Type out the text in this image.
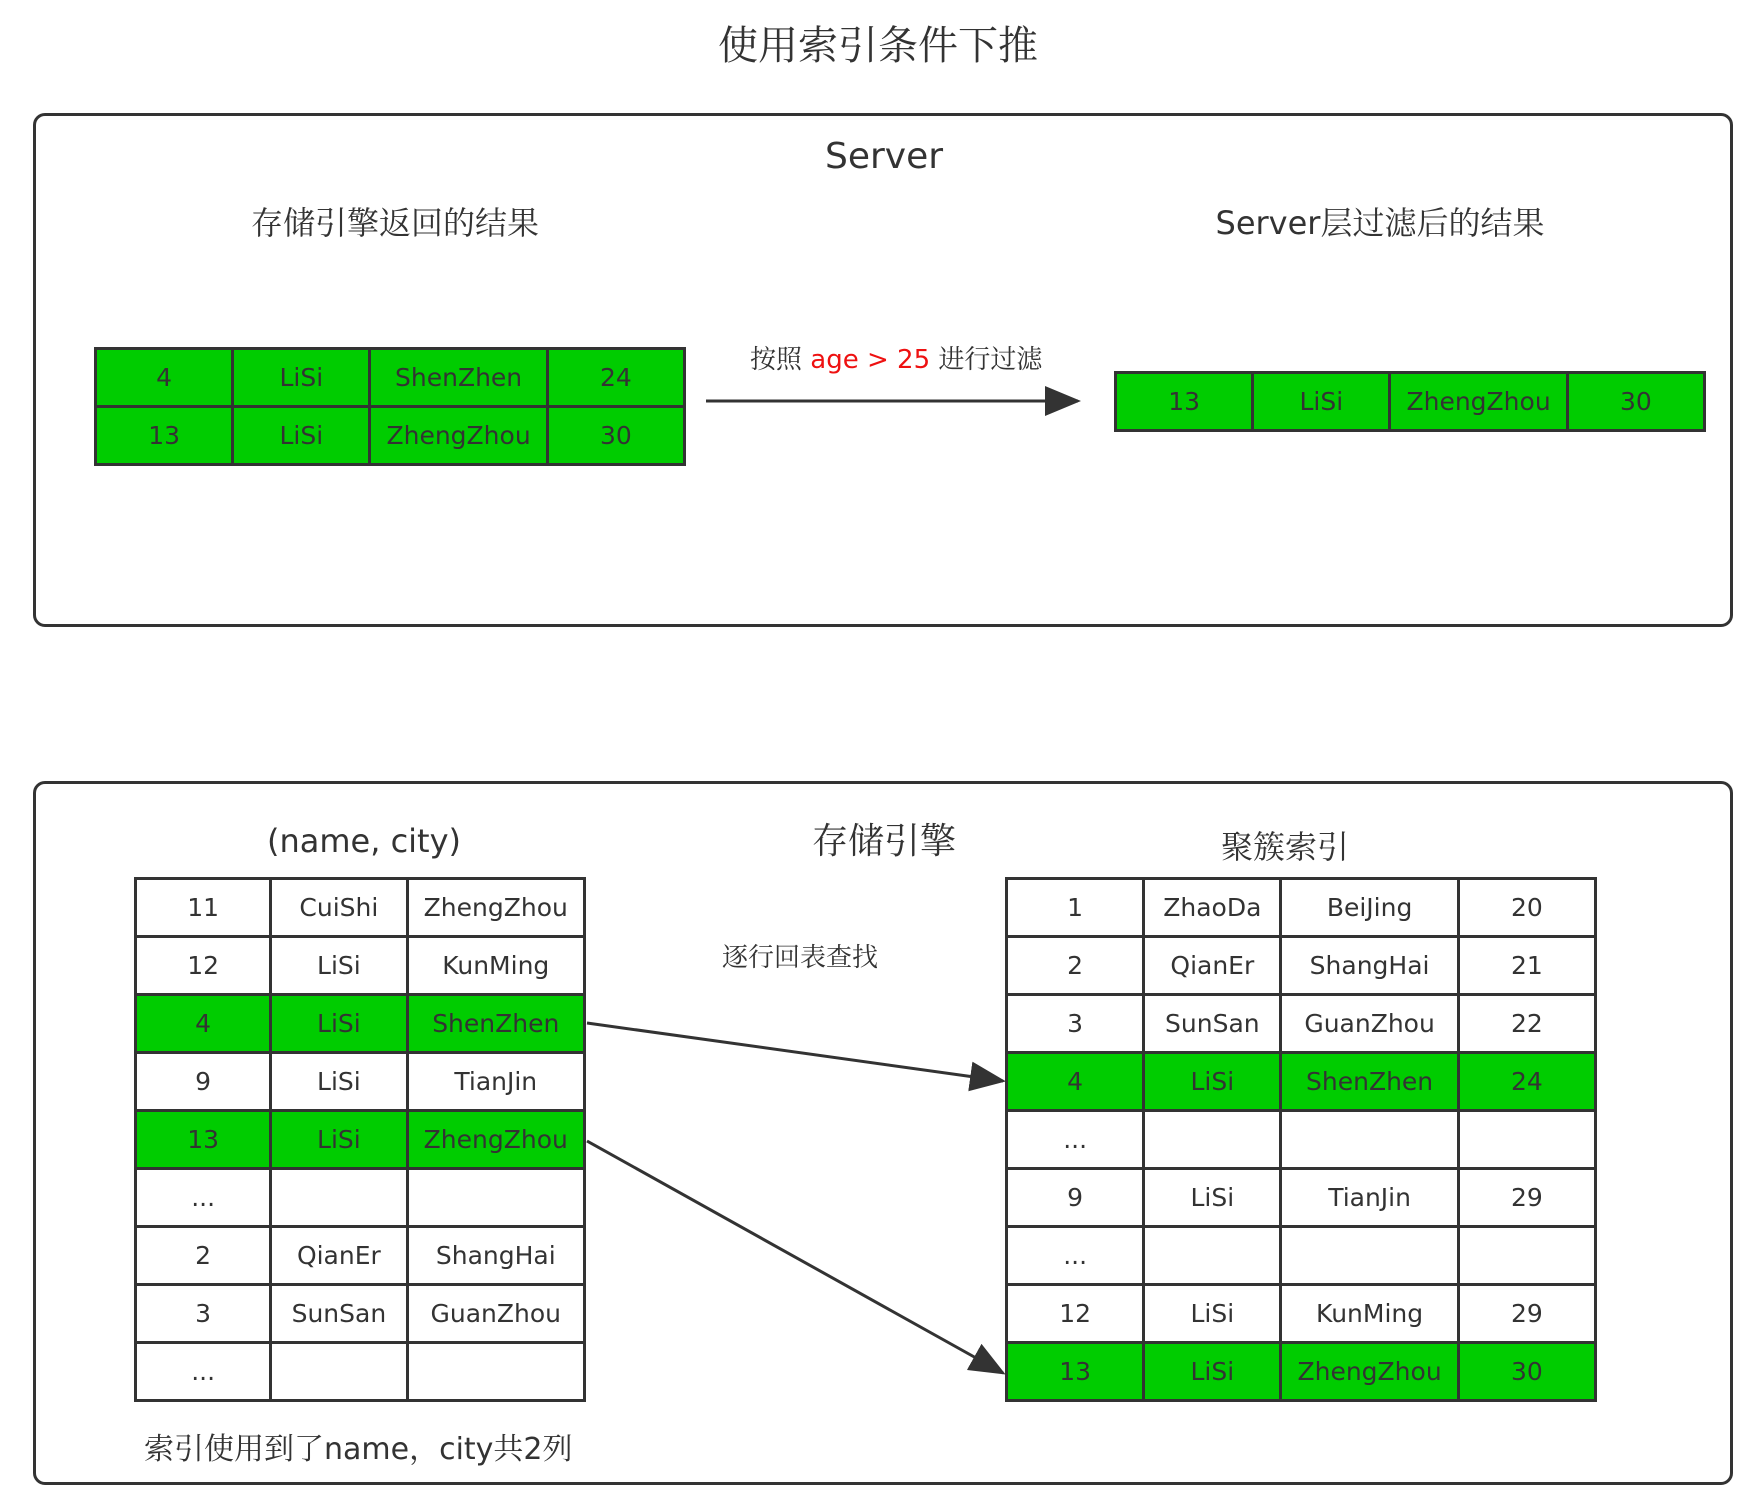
使用索引条件下推
Server
存储引擎返回的结果	Server层过滤后的结果
4	LiSi	ShenZhen	24
13	LiSi	ZhengZhou	30
按照 age > 25 进行过滤
13	LiSi	ZhengZhou	30
存储引擎
(name, city)	聚簇索引
逐行回表查找
11	CuiShi	ZhengZhou
12	LiSi	KunMing
4	LiSi	ShenZhen
9	LiSi	TianJin
13	LiSi	ZhengZhou
...		
2	QianEr	ShangHai
3	SunSan	GuanZhou
...		
1	ZhaoDa	BeiJing	20
2	QianEr	ShangHai	21
3	SunSan	GuanZhou	22
4	LiSi	ShenZhen	24
...			
9	LiSi	TianJin	29
...			
12	LiSi	KunMing	29
13	LiSi	ZhengZhou	30
索引使用到了name，city共2列
